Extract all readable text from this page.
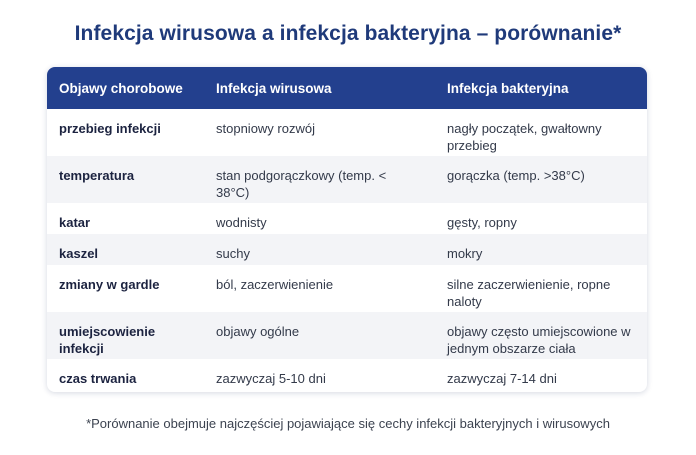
Infekcja wirusowa a infekcja bakteryjna – porównanie*
Objawy chorobowe	Infekcja wirusowa	Infekcja bakteryjna
przebieg infekcji	stopniowy rozwój	nagły początek, gwałtowny przebieg
temperatura	stan podgorączkowy (temp. < 38°C)	gorączka (temp. >38°C)
katar	wodnisty	gęsty, ropny
kaszel	suchy	mokry
zmiany w gardle	ból, zaczerwienienie	silne zaczerwienienie, ropne naloty
umiejscowienie infekcji	objawy ogólne	objawy często umiejscowione w jednym obszarze ciała
czas trwania	zazwyczaj 5-10 dni	zazwyczaj 7-14 dni
*Porównanie obejmuje najczęściej pojawiające się cechy infekcji bakteryjnych i wirusowych
